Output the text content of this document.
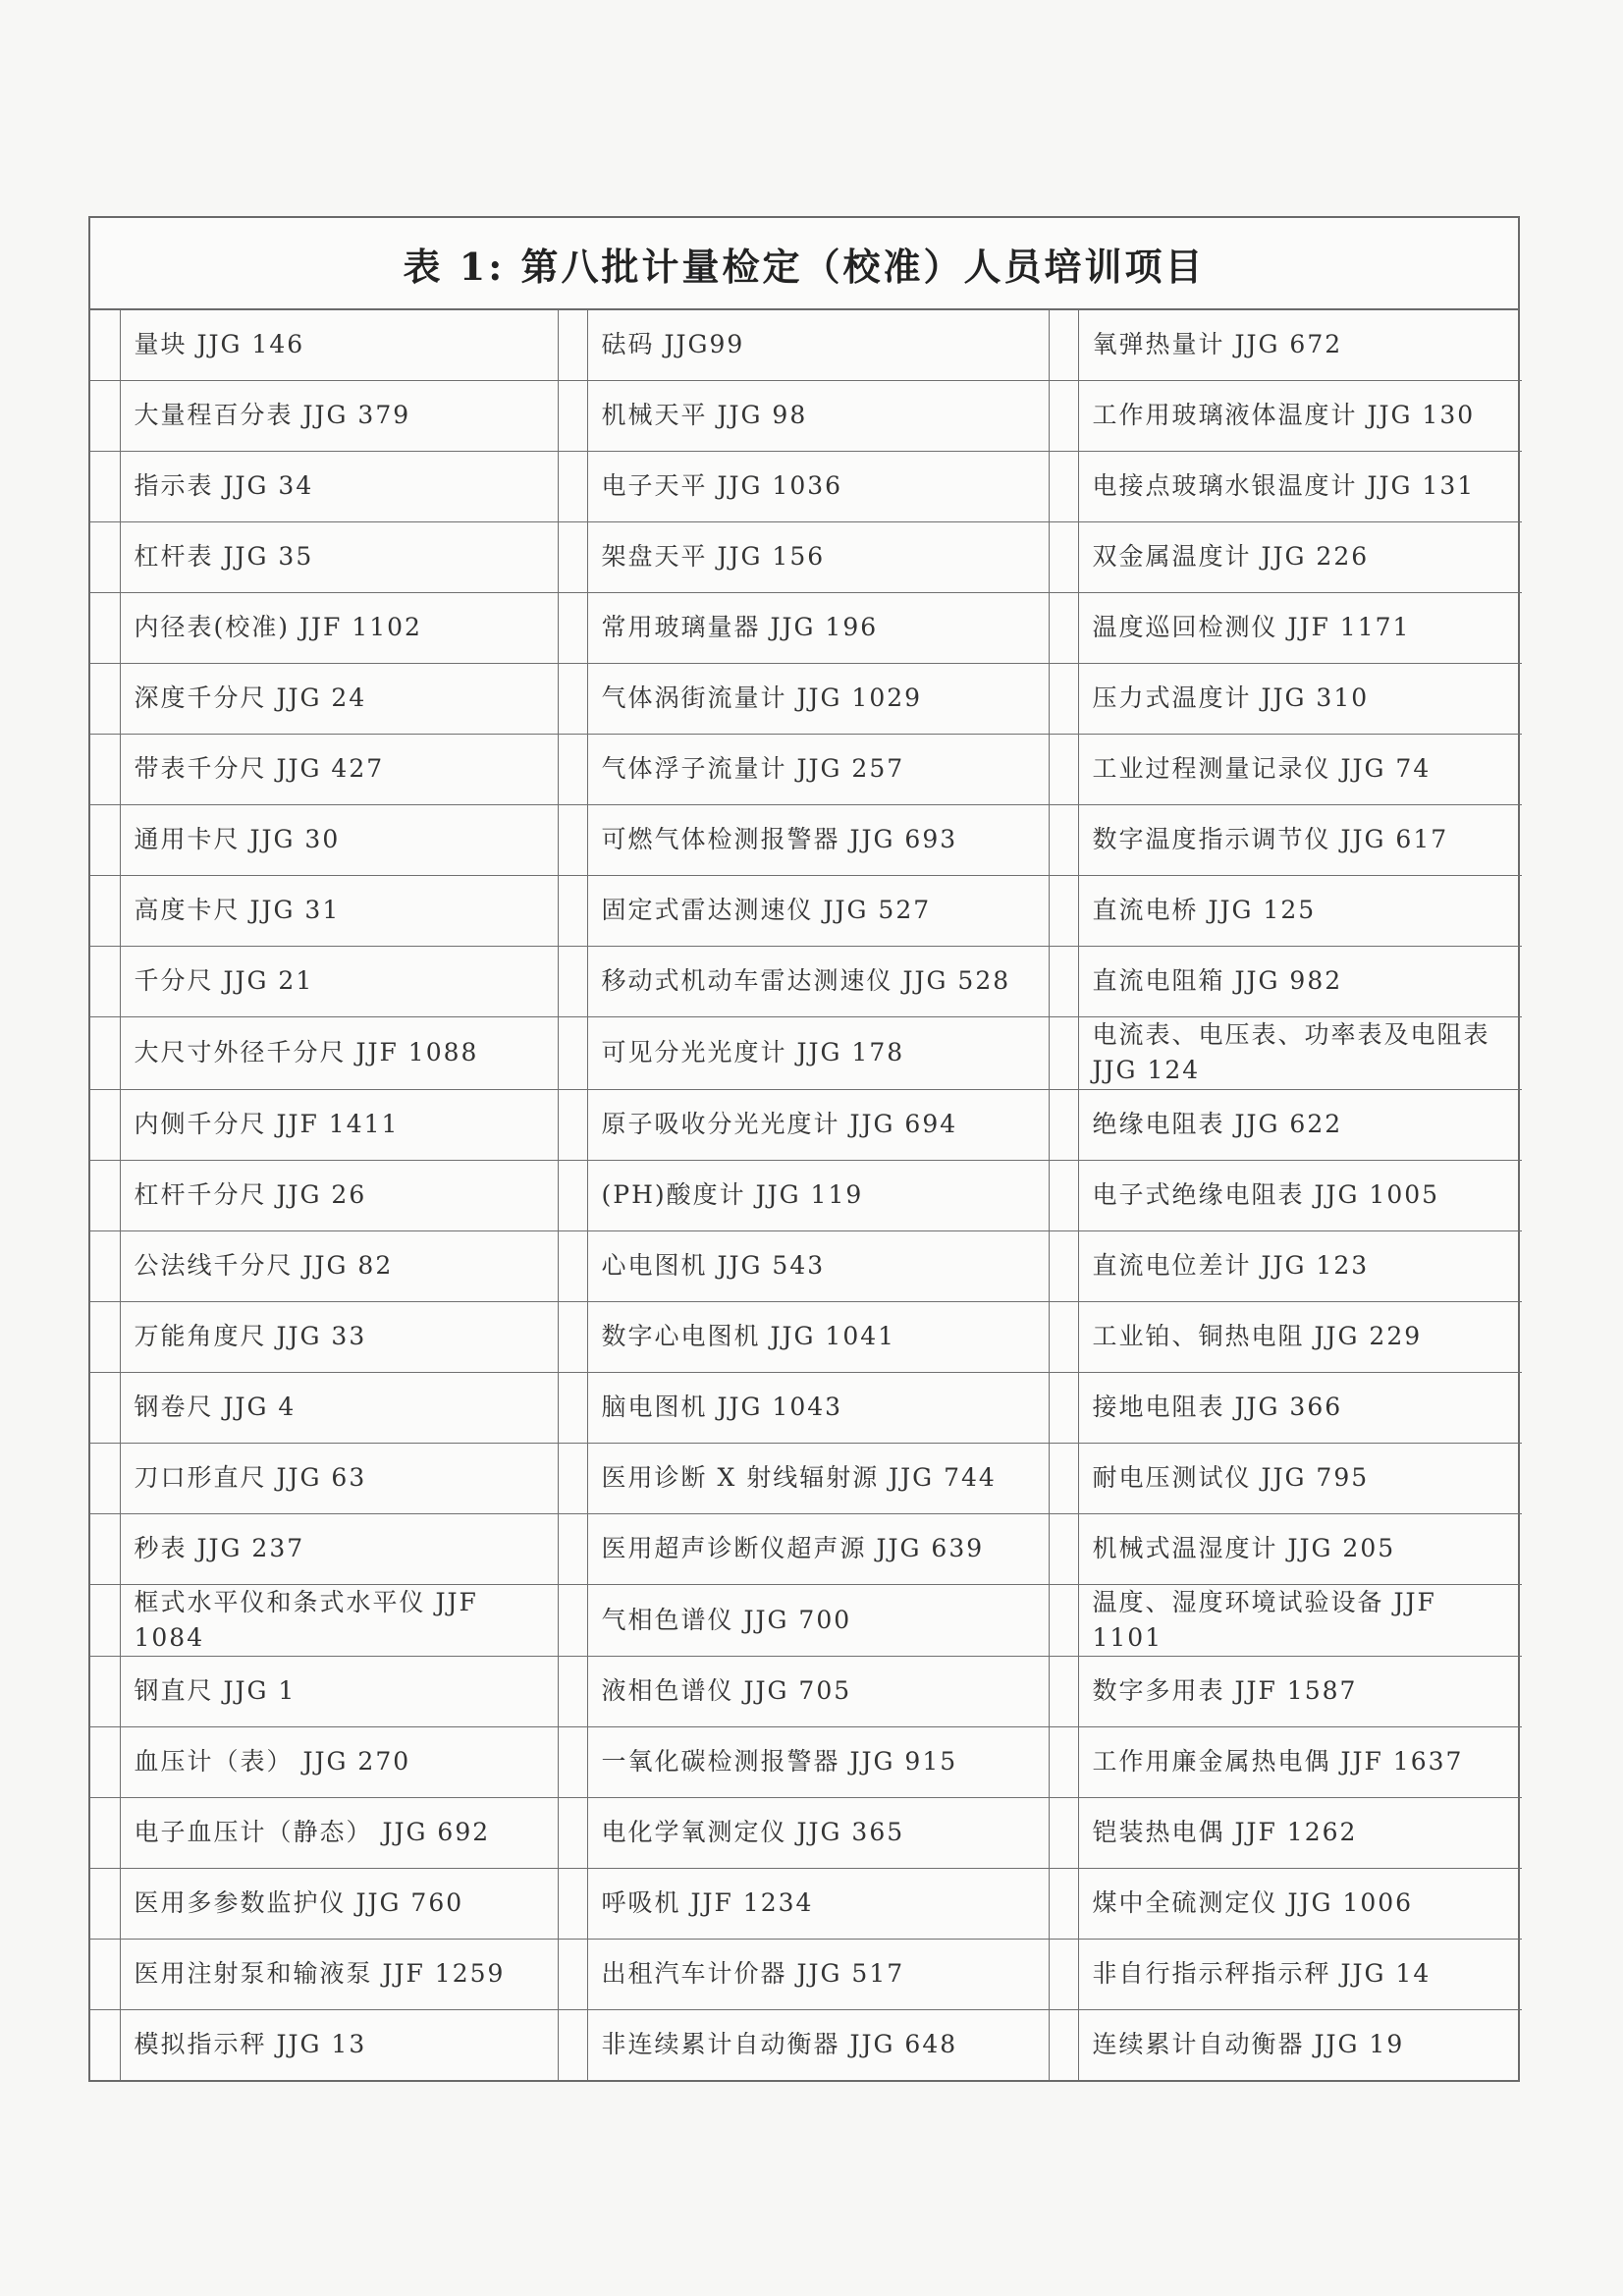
表 1: 第八批计量检定（校准）人员培训项目
	量块 JJG 146		砝码 JJG99		氧弹热量计 JJG 672
	大量程百分表 JJG 379		机械天平 JJG 98		工作用玻璃液体温度计 JJG 130
	指示表 JJG 34		电子天平 JJG 1036		电接点玻璃水银温度计 JJG 131
	杠杆表 JJG 35		架盘天平 JJG 156		双金属温度计 JJG 226
	内径表(校准) JJF 1102		常用玻璃量器 JJG 196		温度巡回检测仪 JJF 1171
	深度千分尺 JJG 24		气体涡街流量计 JJG 1029		压力式温度计 JJG 310
	带表千分尺 JJG 427		气体浮子流量计 JJG 257		工业过程测量记录仪 JJG 74
	通用卡尺 JJG 30		可燃气体检测报警器 JJG 693		数字温度指示调节仪 JJG 617
	高度卡尺 JJG 31		固定式雷达测速仪 JJG 527		直流电桥 JJG 125
	千分尺 JJG 21		移动式机动车雷达测速仪 JJG 528		直流电阻箱 JJG 982
	大尺寸外径千分尺 JJF 1088		可见分光光度计 JJG 178		电流表、电压表、功率表及电阻表 JJG 124
	内侧千分尺 JJF 1411		原子吸收分光光度计 JJG 694		绝缘电阻表 JJG 622
	杠杆千分尺 JJG 26		(PH)酸度计 JJG 119		电子式绝缘电阻表 JJG 1005
	公法线千分尺 JJG 82		心电图机 JJG 543		直流电位差计 JJG 123
	万能角度尺 JJG 33		数字心电图机 JJG 1041		工业铂、铜热电阻 JJG 229
	钢卷尺 JJG 4		脑电图机 JJG 1043		接地电阻表 JJG 366
	刀口形直尺 JJG 63		医用诊断 X 射线辐射源 JJG 744		耐电压测试仪 JJG 795
	秒表 JJG 237		医用超声诊断仪超声源 JJG 639		机械式温湿度计 JJG 205
	框式水平仪和条式水平仪 JJF 1084		气相色谱仪 JJG 700		温度、湿度环境试验设备 JJF 1101
	钢直尺 JJG 1		液相色谱仪 JJG 705		数字多用表 JJF 1587
	血压计（表） JJG 270		一氧化碳检测报警器 JJG 915		工作用廉金属热电偶 JJF 1637
	电子血压计（静态） JJG 692		电化学氧测定仪 JJG 365		铠装热电偶 JJF 1262
	医用多参数监护仪 JJG 760		呼吸机 JJF 1234		煤中全硫测定仪 JJG 1006
	医用注射泵和输液泵 JJF 1259		出租汽车计价器 JJG 517		非自行指示秤指示秤 JJG 14
	模拟指示秤 JJG 13		非连续累计自动衡器 JJG 648		连续累计自动衡器 JJG 19
